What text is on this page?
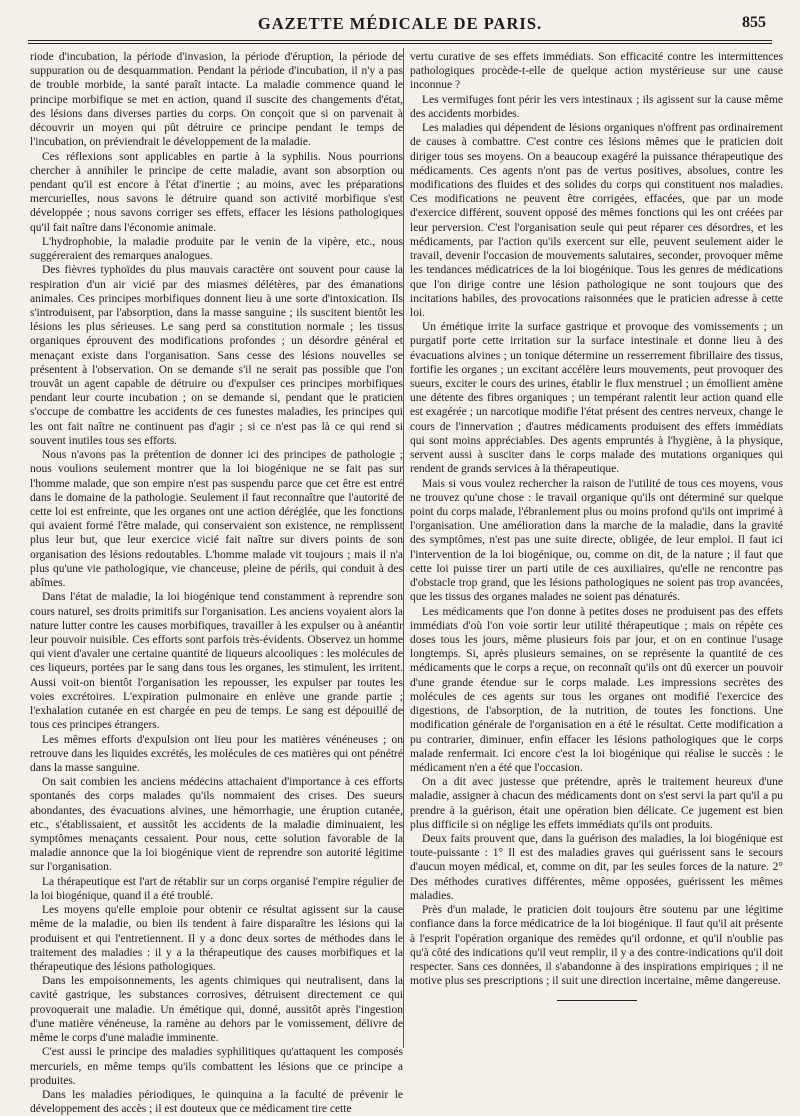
GAZETTE MÉDICALE DE PARIS.	855

riode d'incubation, la période d'invasion, la période d'éruption, la période de suppuration ou de desquammation. Pendant la période d'incubation, il n'y a pas de trouble morbide, la santé paraît intacte. La maladie commence quand le principe morbifique se met en action, quand il suscite des changements d'état, des lésions dans diverses parties du corps. On conçoit que si on parvenait à découvrir un moyen qui pût détruire ce principe pendant le temps de l'incubation, on préviendrait le développement de la maladie.

Ces réflexions sont applicables en partie à la syphilis. Nous pourrions chercher à annihiler le principe de cette maladie, avant son absorption ou pendant qu'il est encore à l'état d'inertie ; au moins, avec les préparations mercurielles, nous savons le détruire quand son activité morbifique s'est développée ; nous savons corriger ses effets, effacer les lésions pathologiques qu'il fait naître dans l'économie animale.

L'hydrophobie, la maladie produite par le venin de la vipère, etc., nous suggéreraient des remarques analogues.

Des fièvres typhoïdes du plus mauvais caractère ont souvent pour cause la respiration d'un air vicié par des miasmes délétères, par des émanations animales. Ces principes morbifiques donnent lieu à une sorte d'intoxication. Ils s'introduisent, par l'absorption, dans la masse sanguine ; ils suscitent bientôt les lésions les plus sérieuses. Le sang perd sa constitution normale ; les tissus organiques éprouvent des modifications profondes ; un désordre général et menaçant existe dans l'organisation. Sans cesse des lésions nouvelles se présentent à l'observation. On se demande s'il ne serait pas possible que l'on trouvât un agent capable de détruire ou d'expulser ces principes morbifiques pendant leur courte incubation ; on se demande si, pendant que le praticien s'occupe de combattre les accidents de ces funestes maladies, les principes qui les ont fait naître ne continuent pas d'agir ; si ce n'est pas là ce qui rend si souvent inutiles tous ses efforts.

Nous n'avons pas la prétention de donner ici des principes de pathologie ; nous voulions seulement montrer que la loi biogénique ne se fait pas sur l'homme malade, que son empire n'est pas suspendu parce que cet être est entré dans le domaine de la pathologie. Seulement il faut reconnaître que l'autorité de cette loi est enfreinte, que les organes ont une action déréglée, que les fonctions qui avaient formé l'être malade, qui conservaient son existence, ne remplissent plus leur but, que leur exercice vicié fait naître sur divers points de son organisation des lésions redoutables. L'homme malade vit toujours ; mais il n'a plus qu'une vie pathologique, vie chanceuse, pleine de périls, qui conduit à des abîmes.

Dans l'état de maladie, la loi biogénique tend constamment à reprendre son cours naturel, ses droits primitifs sur l'organisation. Les anciens voyaient alors la nature lutter contre les causes morbifiques, travailler à les expulser ou à anéantir leur pouvoir nuisible. Ces efforts sont parfois très-évidents. Observez un homme qui vient d'avaler une certaine quantité de liqueurs alcooliques : les molécules de ces liqueurs, portées par le sang dans tous les organes, les stimulent, les irritent. Aussi voit-on bientôt l'organisation les repousser, les expulser par toutes les voies excrétoires. L'expiration pulmonaire en enlève une grande partie ; l'exhalation cutanée en est chargée en peu de temps. Le sang est dépouillé de tous ces principes étrangers.

Les mêmes efforts d'expulsion ont lieu pour les matières vénéneuses ; on retrouve dans les liquides excrétés, les molécules de ces matières qui ont pénétré dans la masse sanguine.

On sait combien les anciens médecins attachaient d'importance à ces efforts spontanés des corps malades qu'ils nommaient des crises. Des sueurs abondantes, des évacuations alvines, une hémorrhagie, une éruption cutanée, etc., s'établissaient, et aussitôt les accidents de la maladie diminuaient, les symptômes menaçants cessaient. Pour nous, cette solution favorable de la maladie annonce que la loi biogénique vient de reprendre son autorité légitime sur l'organisation.

La thérapeutique est l'art de rétablir sur un corps organisé l'empire régulier de la loi biogénique, quand il a été troublé.

Les moyens qu'elle emploie pour obtenir ce résultat agissent sur la cause même de la maladie, ou bien ils tendent à faire disparaître les lésions qui la produisent et qui l'entretiennent. Il y a donc deux sortes de méthodes dans le traitement des maladies : il y a la thérapeutique des causes morbifiques et la thérapeutique des lésions pathologiques.

Dans les empoisonnements, les agents chimiques qui neutralisent, dans la cavité gastrique, les substances corrosives, détruisent directement ce qui provoquerait une maladie. Un émétique qui, donné, aussitôt après l'ingestion d'une matière vénéneuse, la ramène au dehors par le vomissement, délivre de même le corps d'une maladie imminente.

C'est aussi le principe des maladies syphilitiques qu'attaquent les composés mercuriels, en même temps qu'ils combattent les lésions que ce principe a produites.

Dans les maladies périodiques, le quinquina a la faculté de prévenir le développement des accès ; il est douteux que ce médicament tire cette

vertu curative de ses effets immédiats. Son efficacité contre les intermittences pathologiques procède-t-elle de quelque action mystérieuse sur une cause inconnue ?

Les vermifuges font périr les vers intestinaux ; ils agissent sur la cause même des accidents morbides.

Les maladies qui dépendent de lésions organiques n'offrent pas ordinairement de causes à combattre. C'est contre ces lésions mêmes que le praticien doit diriger tous ses moyens. On a beaucoup exagéré la puissance thérapeutique des médicaments. Ces agents n'ont pas de vertus positives, absolues, contre les modifications des fluides et des solides du corps qui constituent nos maladies. Ces modifications ne peuvent être corrigées, effacées, que par un mode d'exercice différent, souvent opposé des mêmes fonctions qui les ont créées par leur perversion. C'est l'organisation seule qui peut réparer ces désordres, et les médicaments, par l'action qu'ils exercent sur elle, peuvent seulement aider le travail, devenir l'occasion de mouvements salutaires, seconder, provoquer même les tendances médicatrices de la loi biogénique. Tous les genres de médications que l'on dirige contre une lésion pathologique ne sont toujours que des incitations habiles, des provocations raisonnées que le praticien adresse à cette loi.

Un émétique irrite la surface gastrique et provoque des vomissements ; un purgatif porte cette irritation sur la surface intestinale et donne lieu à des évacuations alvines ; un tonique détermine un resserrement fibrillaire des tissus, fortifie les organes ; un excitant accélère leurs mouvements, peut provoquer des sueurs, exciter le cours des urines, établir le flux menstruel ; un émollient amène une détente des fibres organiques ; un tempérant ralentit leur action quand elle est exagérée ; un narcotique modifie l'état présent des centres nerveux, change le cours de l'innervation ; d'autres médicaments produisent des effets immédiats qui sont moins appréciables. Des agents empruntés à l'hygiène, à la physique, servent aussi à susciter dans le corps malade des mutations organiques qui rendent de grands services à la thérapeutique.

Mais si vous voulez rechercher la raison de l'utilité de tous ces moyens, vous ne trouvez qu'une chose : le travail organique qu'ils ont déterminé sur quelque point du corps malade, l'ébranlement plus ou moins profond qu'ils ont imprimé à l'organisation. Une amélioration dans la marche de la maladie, dans la gravité des symptômes, n'est pas une suite directe, obligée, de leur emploi. Il faut ici l'intervention de la loi biogénique, ou, comme on dit, de la nature ; il faut que cette loi puisse tirer un parti utile de ces auxiliaires, qu'elle ne rencontre pas d'obstacle trop grand, que les lésions pathologiques ne soient pas trop avancées, que les tissus des organes malades ne soient pas dénaturés.

Les médicaments que l'on donne à petites doses ne produisent pas des effets immédiats d'où l'on voie sortir leur utilité thérapeutique ; mais on répète ces doses tous les jours, même plusieurs fois par jour, et on en continue l'usage longtemps. Si, après plusieurs semaines, on se représente la quantité de ces médicaments que le corps a reçue, on reconnaît qu'ils ont dû exercer un pouvoir d'une grande étendue sur le corps malade. Les impressions secrètes des molécules de ces agents sur tous les organes ont modifié l'exercice des digestions, de l'absorption, de la nutrition, de toutes les fonctions. Une modification générale de l'organisation en a été le résultat. Cette modification a pu contrarier, diminuer, enfin effacer les lésions pathologiques que le corps malade renfermait. Ici encore c'est la loi biogénique qui réalise le succès : le médicament n'en a été que l'occasion.

On a dit avec justesse que prétendre, après le traitement heureux d'une maladie, assigner à chacun des médicaments dont on s'est servi la part qu'il a pu prendre à la guérison, était une opération bien délicate. Ce jugement est bien plus difficile si on néglige les effets immédiats qu'ils ont produits.

Deux faits prouvent que, dans la guérison des maladies, la loi biogénique est toute-puissante : 1° Il est des maladies graves qui guérissent sans le secours d'aucun moyen médical, et, comme on dit, par les seules forces de la nature. 2° Des méthodes curatives différentes, même opposées, guérissent les mêmes maladies.

Près d'un malade, le praticien doit toujours être soutenu par une légitime confiance dans la force médicatrice de la loi biogénique. Il faut qu'il ait présente à l'esprit l'opération organique des remèdes qu'il ordonne, et qu'il n'oublie pas qu'à côté des indications qu'il veut remplir, il y a des contre-indications qu'il doit respecter. Sans ces données, il s'abandonne à des inspirations empiriques ; il ne motive plus ses prescriptions ; il suit une direction incertaine, même dangereuse.
